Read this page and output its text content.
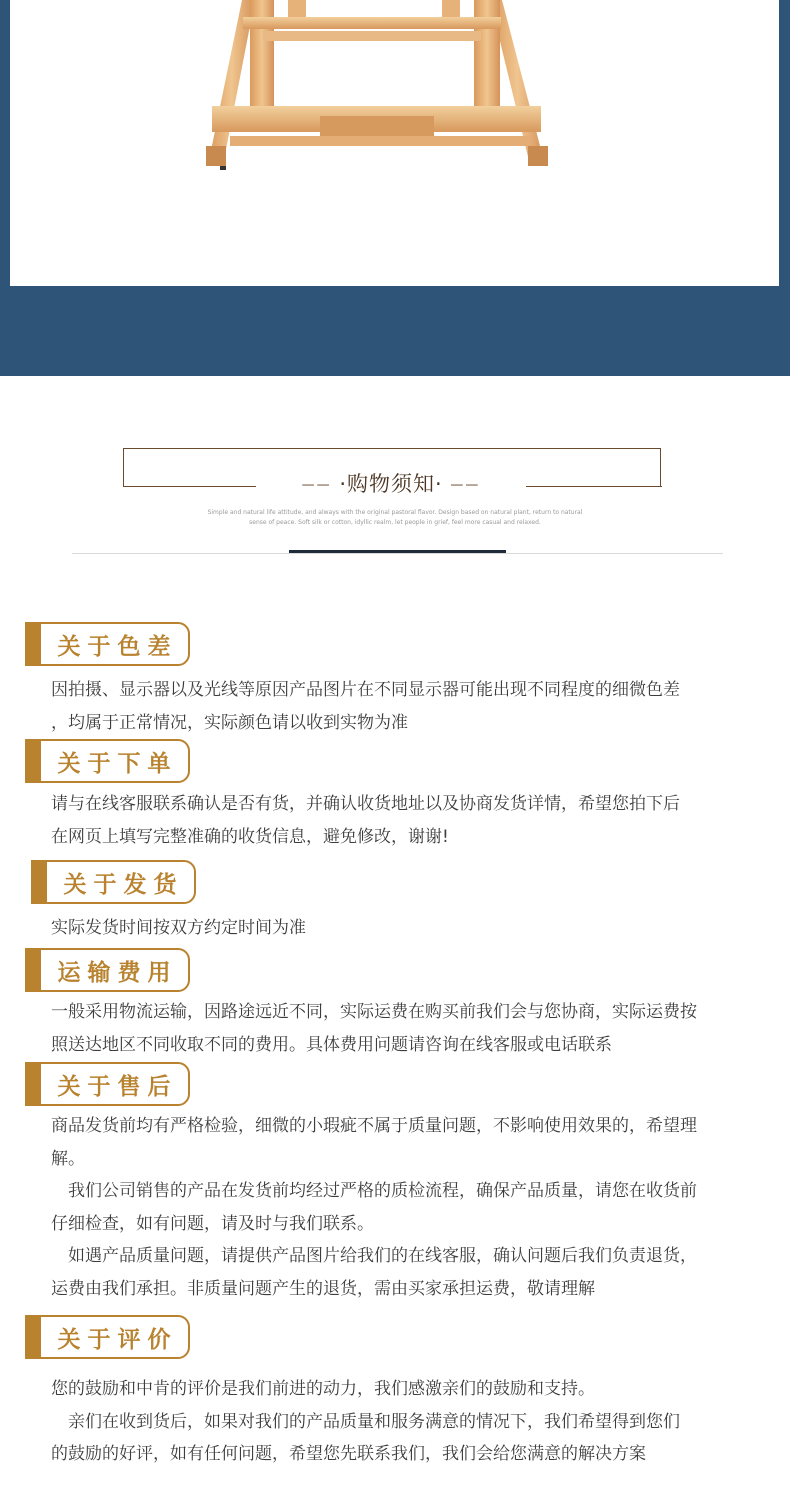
—— ·购物须知· ——
Simple and natural life attitude, and always with the original pastoral flavor. Design based on natural plant, return to natural
sense of peace. Soft silk or cotton, idyllic realm, let people in grief, feel more casual and relaxed.
关于色差
因拍摄、显示器以及光线等原因产品图片在不同显示器可能出现不同程度的细微色差
，均属于正常情况，实际颜色请以收到实物为准
关于下单
请与在线客服联系确认是否有货，并确认收货地址以及协商发货详情，希望您拍下后
在网页上填写完整准确的收货信息，避免修改，谢谢!
关于发货
实际发货时间按双方约定时间为准
运输费用
一般采用物流运输，因路途远近不同，实际运费在购买前我们会与您协商，实际运费按
照送达地区不同收取不同的费用。具体费用问题请咨询在线客服或电话联系
关于售后
商品发货前均有严格检验，细微的小瑕疵不属于质量问题，不影响使用效果的，希望理
解。
我们公司销售的产品在发货前均经过严格的质检流程，确保产品质量，请您在收货前
仔细检查，如有问题，请及时与我们联系。
如遇产品质量问题，请提供产品图片给我们的在线客服，确认问题后我们负责退货，
运费由我们承担。非质量问题产生的退货，需由买家承担运费，敬请理解
关于评价
您的鼓励和中肯的评价是我们前进的动力，我们感激亲们的鼓励和支持。
亲们在收到货后，如果对我们的产品质量和服务满意的情况下，我们希望得到您们
的鼓励的好评，如有任何问题，希望您先联系我们，我们会给您满意的解决方案
